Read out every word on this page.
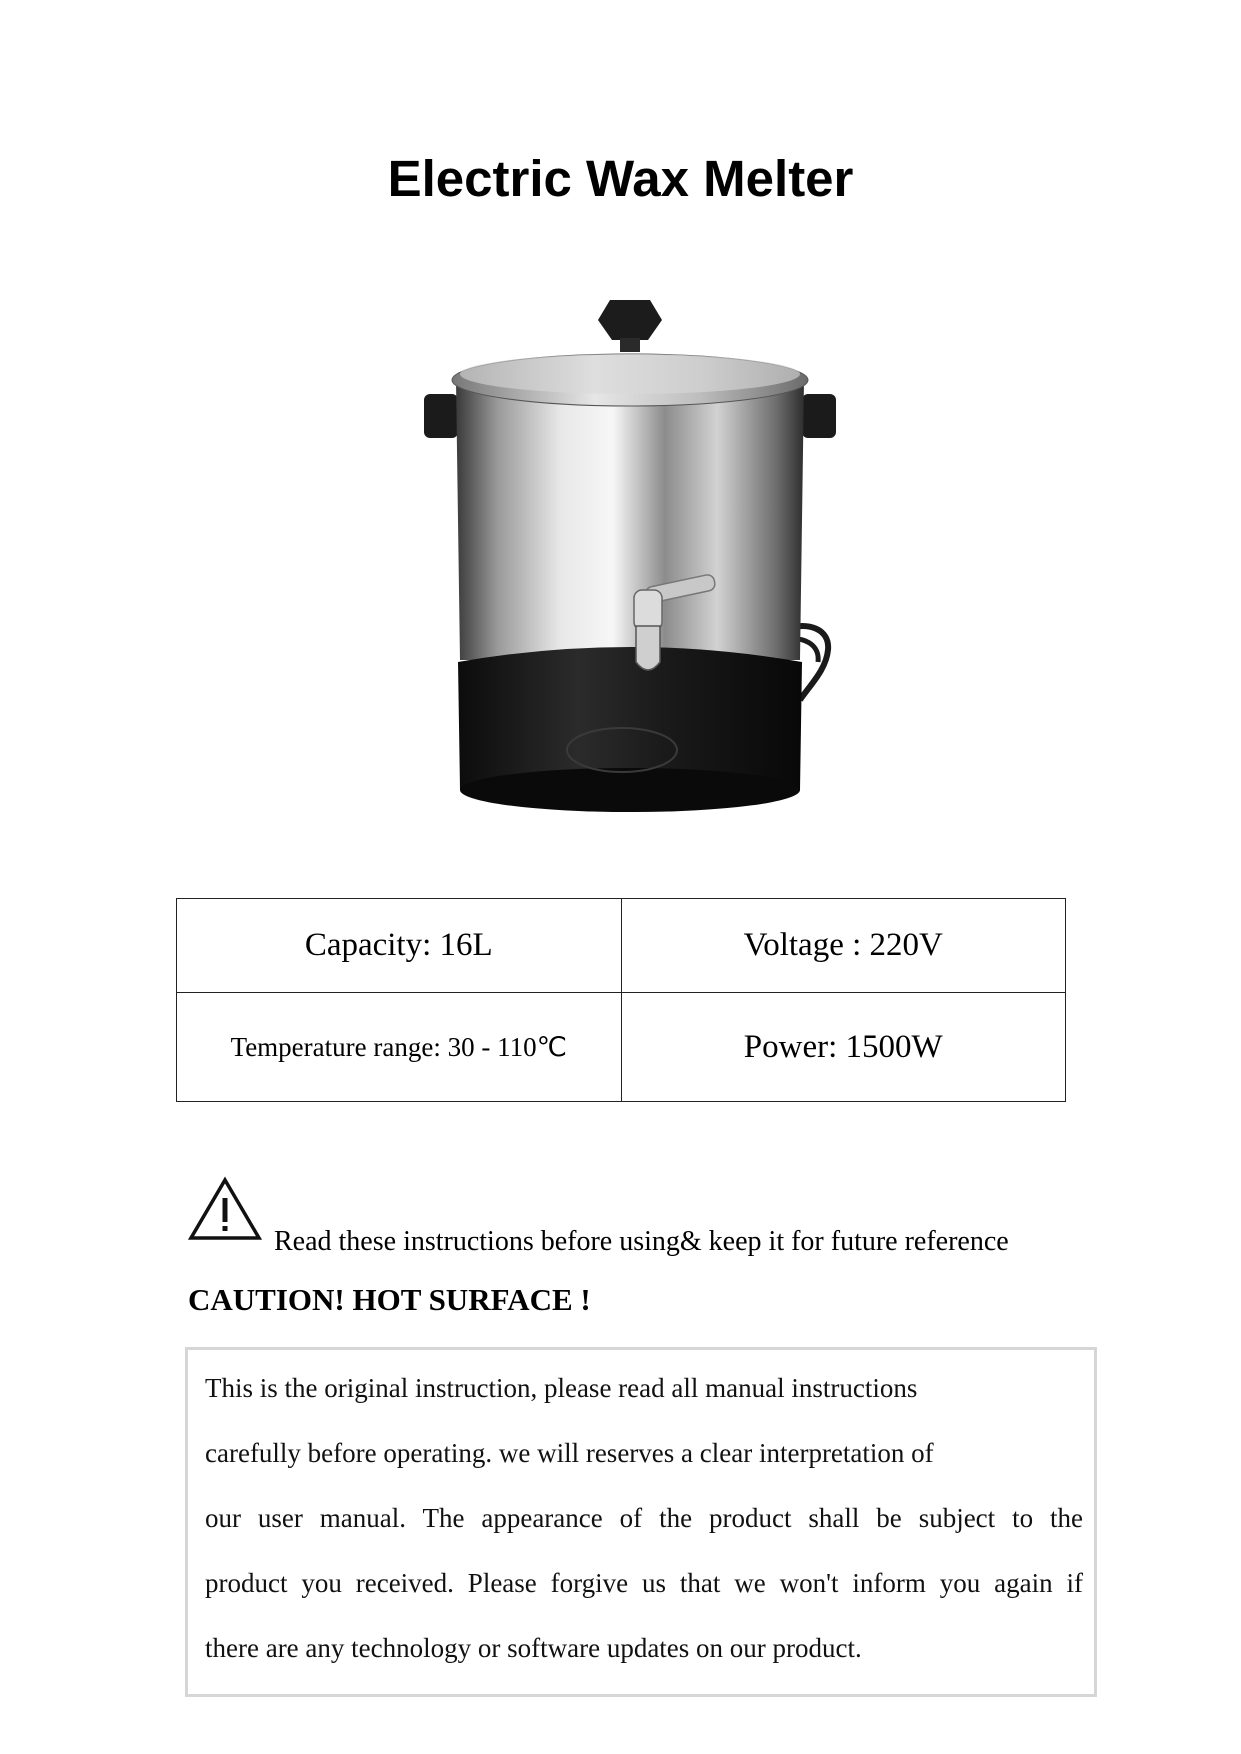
Electric Wax Melter
Capacity: 16L	Voltage : 220V
Temperature range: 30 - 110℃	Power: 1500W
Read these instructions before using& keep it for future reference
CAUTION! HOT SURFACE !
This is the original instruction, please read all manual instructions
carefully before operating. we will reserves a clear interpretation of
our user manual. The appearance of the product shall be subject to the
product you received. Please forgive us that we won't inform you again if
there are any technology or software updates on our product.
